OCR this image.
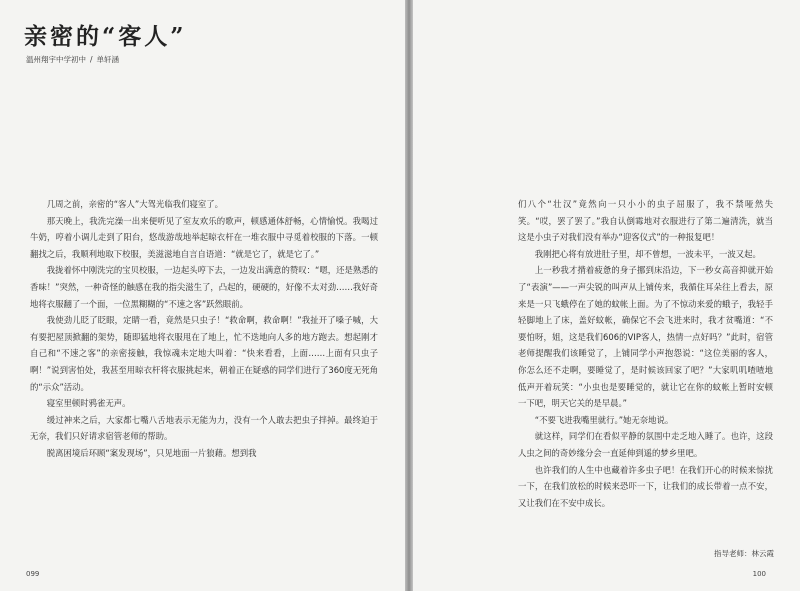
亲密的“客人”
温州翔宇中学初中 / 单轩涵

几周之前，亲密的“客人”大驾光临我们寝室了。

那天晚上，我洗完澡一出来便听见了室友欢乐的歌声，顿感通体舒畅，心情愉悦。我喝过牛奶，哼着小调儿走到了阳台，悠哉游哉地举起晾衣杆在一堆衣服中寻觅着校服的下落。一顿翻找之后，我顺利地取下校服，美滋滋地自言自语道：“就是它了，就是它了。”

我拢着怀中刚洗完的宝贝校服，一边起头哼下去，一边发出满意的赞叹：“嗯，还是熟悉的香味！”突然，一种奇怪的触感在我的指尖滋生了，凸起的，硬硬的，好像不太对劲……我好奇地将衣服翻了一个面，一位黑糊糊的“不速之客”跃然眼前。

我使劲儿眨了眨眼，定睛一看，竟然是只虫子！“救命啊，救命啊！”我扯开了嗓子喊，大有要把屋顶掀翻的架势，随即猛地将衣服甩在了地上，忙不迭地向人多的地方跑去。想起刚才自己和“不速之客”的亲密接触，我惊魂未定地大叫着：“快来看看，上面……上面有只虫子啊！”说到害怕处，我甚至用晾衣杆将衣服挑起来，朝着正在疑惑的同学们进行了360度无死角的“示众”活动。

寝室里顿时鸦雀无声。

缓过神来之后，大家都七嘴八舌地表示无能为力，没有一个人敢去把虫子拌掉。最终迫于无奈，我们只好请求宿管老师的帮助。

脱离困境后环顾“案发现场”，只见地面一片狼藉。想到我

099

们八个“壮汉”竟然向一只小小的虫子屈服了，我不禁哑然失笑。“哎，罢了罢了。”我自认倒霉地对衣服进行了第二遍清洗，就当这是小虫子对我们没有举办“迎客仪式”的一种报复吧！

我刚把心将有放进肚子里，却不曾想，一波未平，一波又起。

上一秒我才揹着疲惫的身子挪到床沿边，下一秒女高音抑就开始了“表演”——一声尖锐的叫声从上铺传来，我循住耳朵往上看去，原来是一只飞蛾停在了她的蚊帐上面。为了不惊动来爱的蛾子，我轻手轻脚地上了床，盖好蚊帐，确保它不会飞进来时，我才贫嘴道：“不要怕呀，姐，这是我们606的VIP客人，热情一点好吗？”此时，宿管老师提醒我们该睡觉了，上铺同学小声抱怨说：“这位美丽的客人，你怎么还不走啊，要睡觉了，是时候该回家了吧？”大家叽叽喳喳地低声开着玩笑：“小虫也是要睡觉的，就让它在你的蚊帐上暂时安顿一下吧，明天它关的是早晨。”

“不要飞进我嘴里就行。”她无奈地说。

就这样，同学们在看似平静的氛围中走乏地入睡了。也许，这段人虫之间的奇妙缘分会一直延伸到遥的梦乡里吧。

也许我们的人生中也藏着许多虫子吧！在我们开心的时候来惊扰一下，在我们放松的时候来恐吓一下，让我们的成长带着一点不安，又让我们在不安中成长。

指导老师：林云霞
100
